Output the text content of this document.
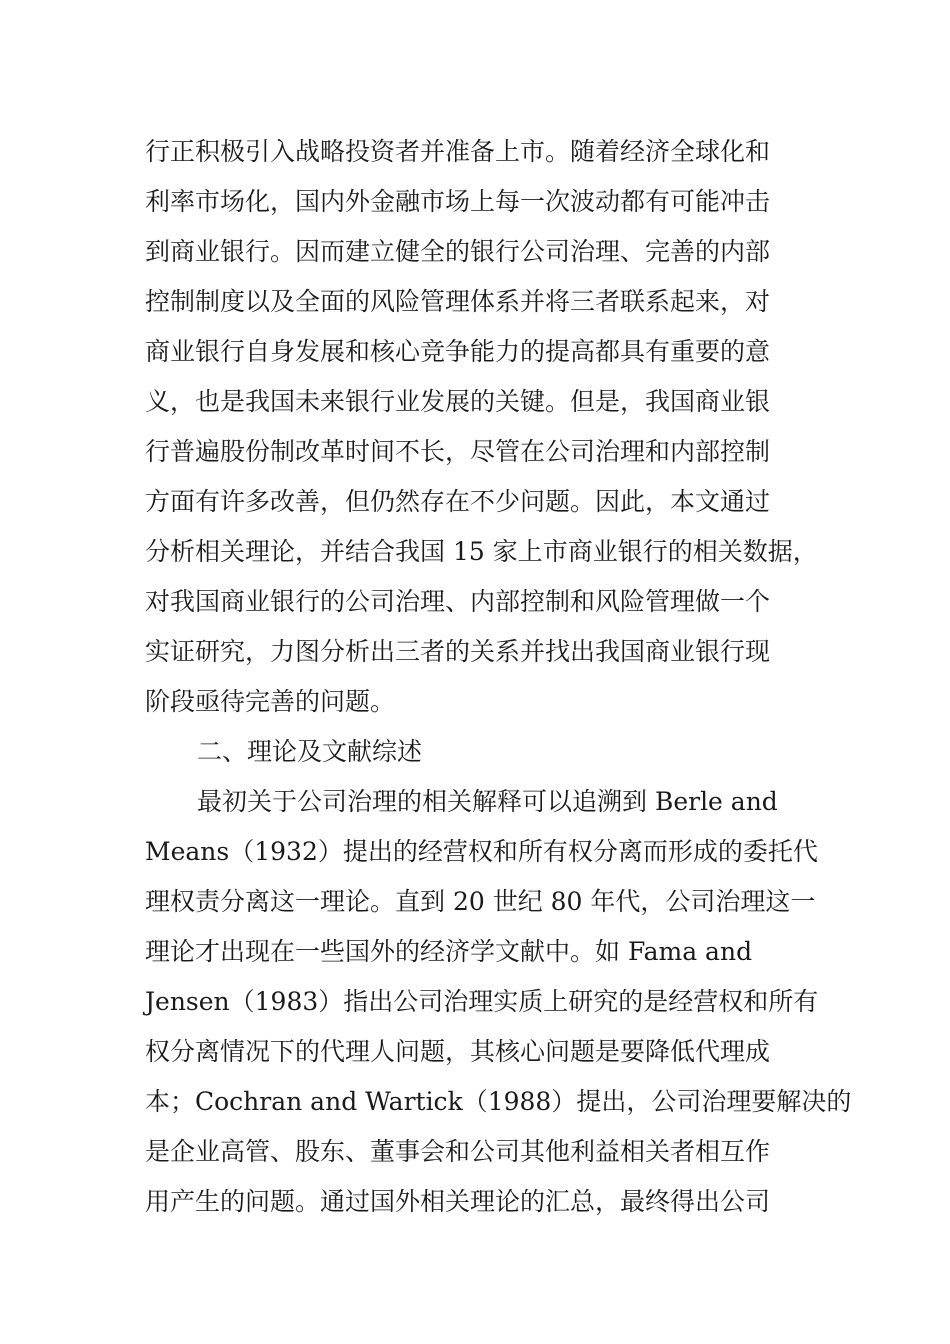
行正积极引入战略投资者并准备上市。随着经济全球化和
利率市场化，国内外金融市场上每一次波动都有可能冲击
到商业银行。因而建立健全的银行公司治理、完善的内部
控制制度以及全面的风险管理体系并将三者联系起来，对
商业银行自身发展和核心竞争能力的提高都具有重要的意
义，也是我国未来银行业发展的关键。但是，我国商业银
行普遍股份制改革时间不长，尽管在公司治理和内部控制
方面有许多改善，但仍然存在不少问题。因此，本文通过
分析相关理论，并结合我国 15 家上市商业银行的相关数据，
对我国商业银行的公司治理、内部控制和风险管理做一个
实证研究，力图分析出三者的关系并找出我国商业银行现
阶段亟待完善的问题。
二、理论及文献综述
最初关于公司治理的相关解释可以追溯到 Berle and
Means（1932）提出的经营权和所有权分离而形成的委托代
理权责分离这一理论。直到 20 世纪 80 年代，公司治理这一
理论才出现在一些国外的经济学文献中。如 Fama and
Jensen（1983）指出公司治理实质上研究的是经营权和所有
权分离情况下的代理人问题，其核心问题是要降低代理成
本；Cochran and Wartick（1988）提出，公司治理要解决的
是企业高管、股东、董事会和公司其他利益相关者相互作
用产生的问题。通过国外相关理论的汇总，最终得出公司
